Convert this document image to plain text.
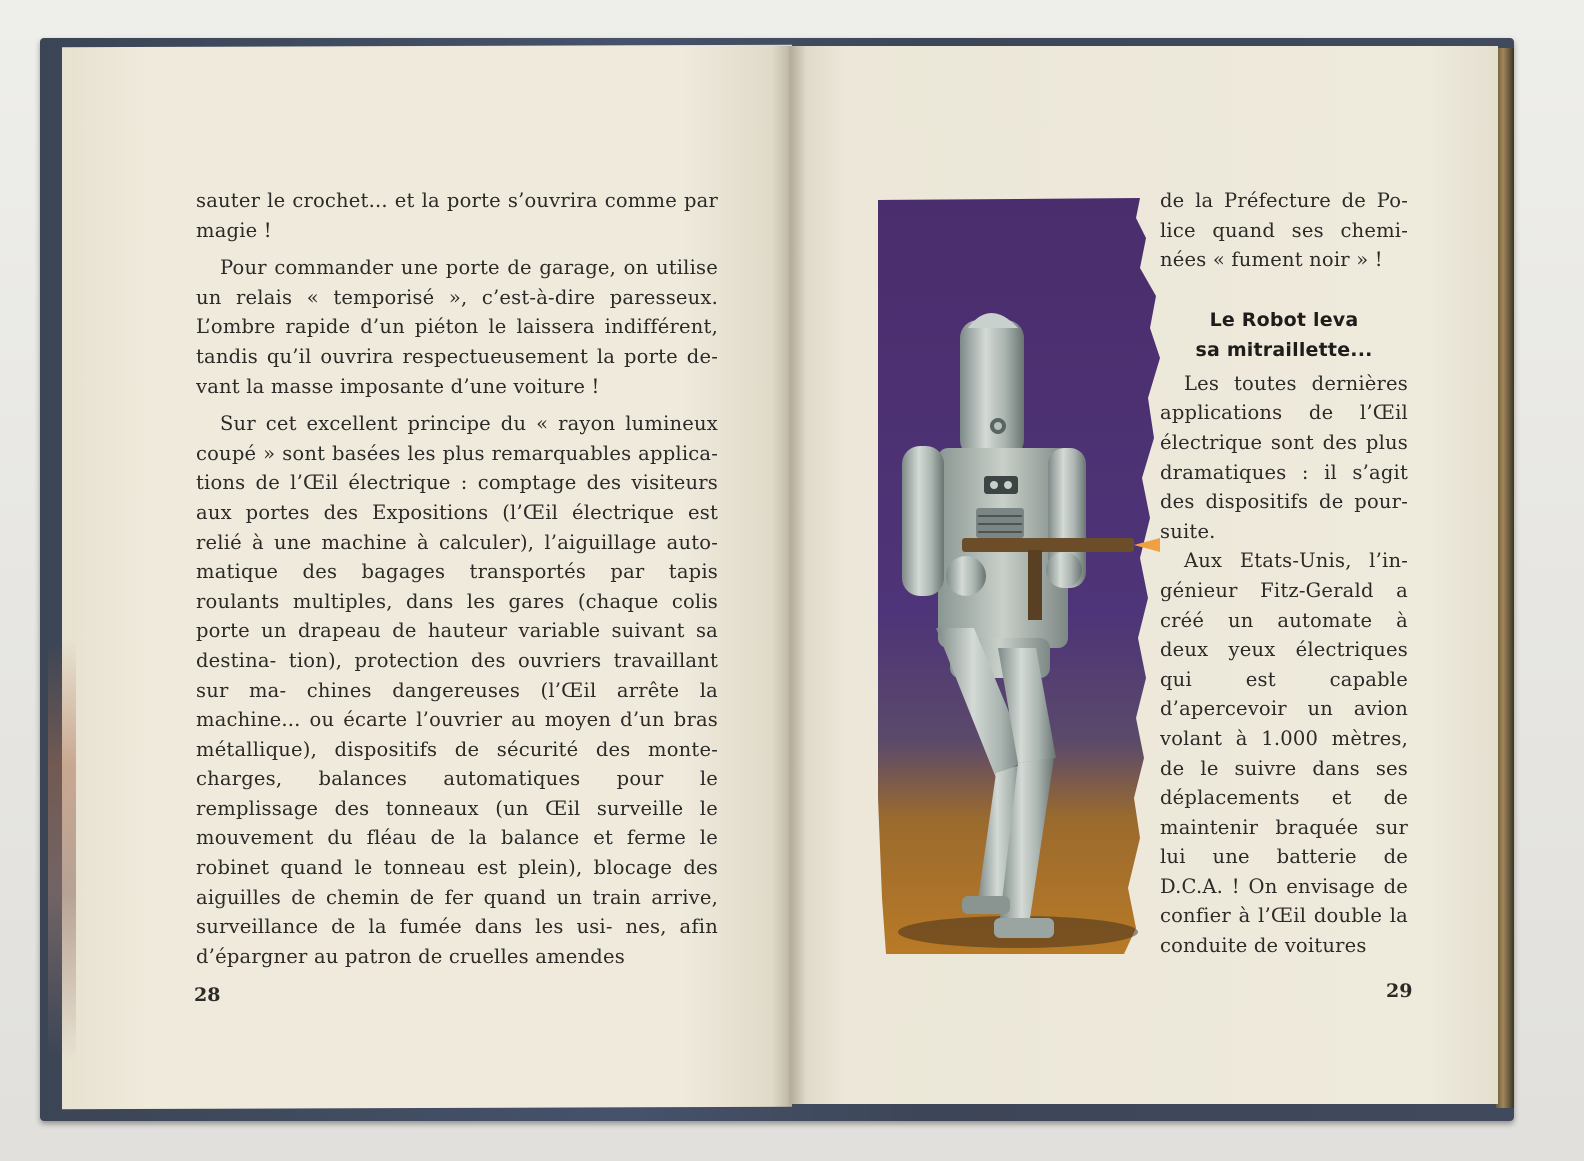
sauter le crochet... et la porte s’ouvrira comme par magie !

Pour commander une porte de garage, on utilise un relais « temporisé », c’est-à-dire paresseux. L’ombre rapide d’un piéton le laissera indifférent, tandis qu’il ouvrira respectueusement la porte de- vant la masse imposante d’une voiture !

Sur cet excellent principe du « rayon lumineux coupé » sont basées les plus remarquables applica- tions de l’Œil électrique : comptage des visiteurs aux portes des Expositions (l’Œil électrique est relié à une machine à calculer), l’aiguillage auto- matique des bagages transportés par tapis roulants multiples, dans les gares (chaque colis porte un drapeau de hauteur variable suivant sa destina- tion), protection des ouvriers travaillant sur ma- chines dangereuses (l’Œil arrête la machine... ou écarte l’ouvrier au moyen d’un bras métallique), dispositifs de sécurité des monte-charges, balances automatiques pour le remplissage des tonneaux (un Œil surveille le mouvement du fléau de la balance et ferme le robinet quand le tonneau est plein), blocage des aiguilles de chemin de fer quand un train arrive, surveillance de la fumée dans les usi- nes, afin d’épargner au patron de cruelles amendes

28

de la Préfecture de Po- lice quand ses chemi- nées « fument noir » !

Le Robot leva
sa mitraillette...

Les toutes dernières applications de l’Œil électrique sont des plus dramatiques : il s’agit des dispositifs de pour- suite.

Aux Etats-Unis, l’in- génieur Fitz-Gerald a créé un automate à deux yeux électriques qui est capable d’apercevoir un avion volant à 1.000 mètres, de le suivre dans ses déplacements et de maintenir braquée sur lui une batterie de D.C.A. ! On envisage de confier à l’Œil double la conduite de voitures

29
